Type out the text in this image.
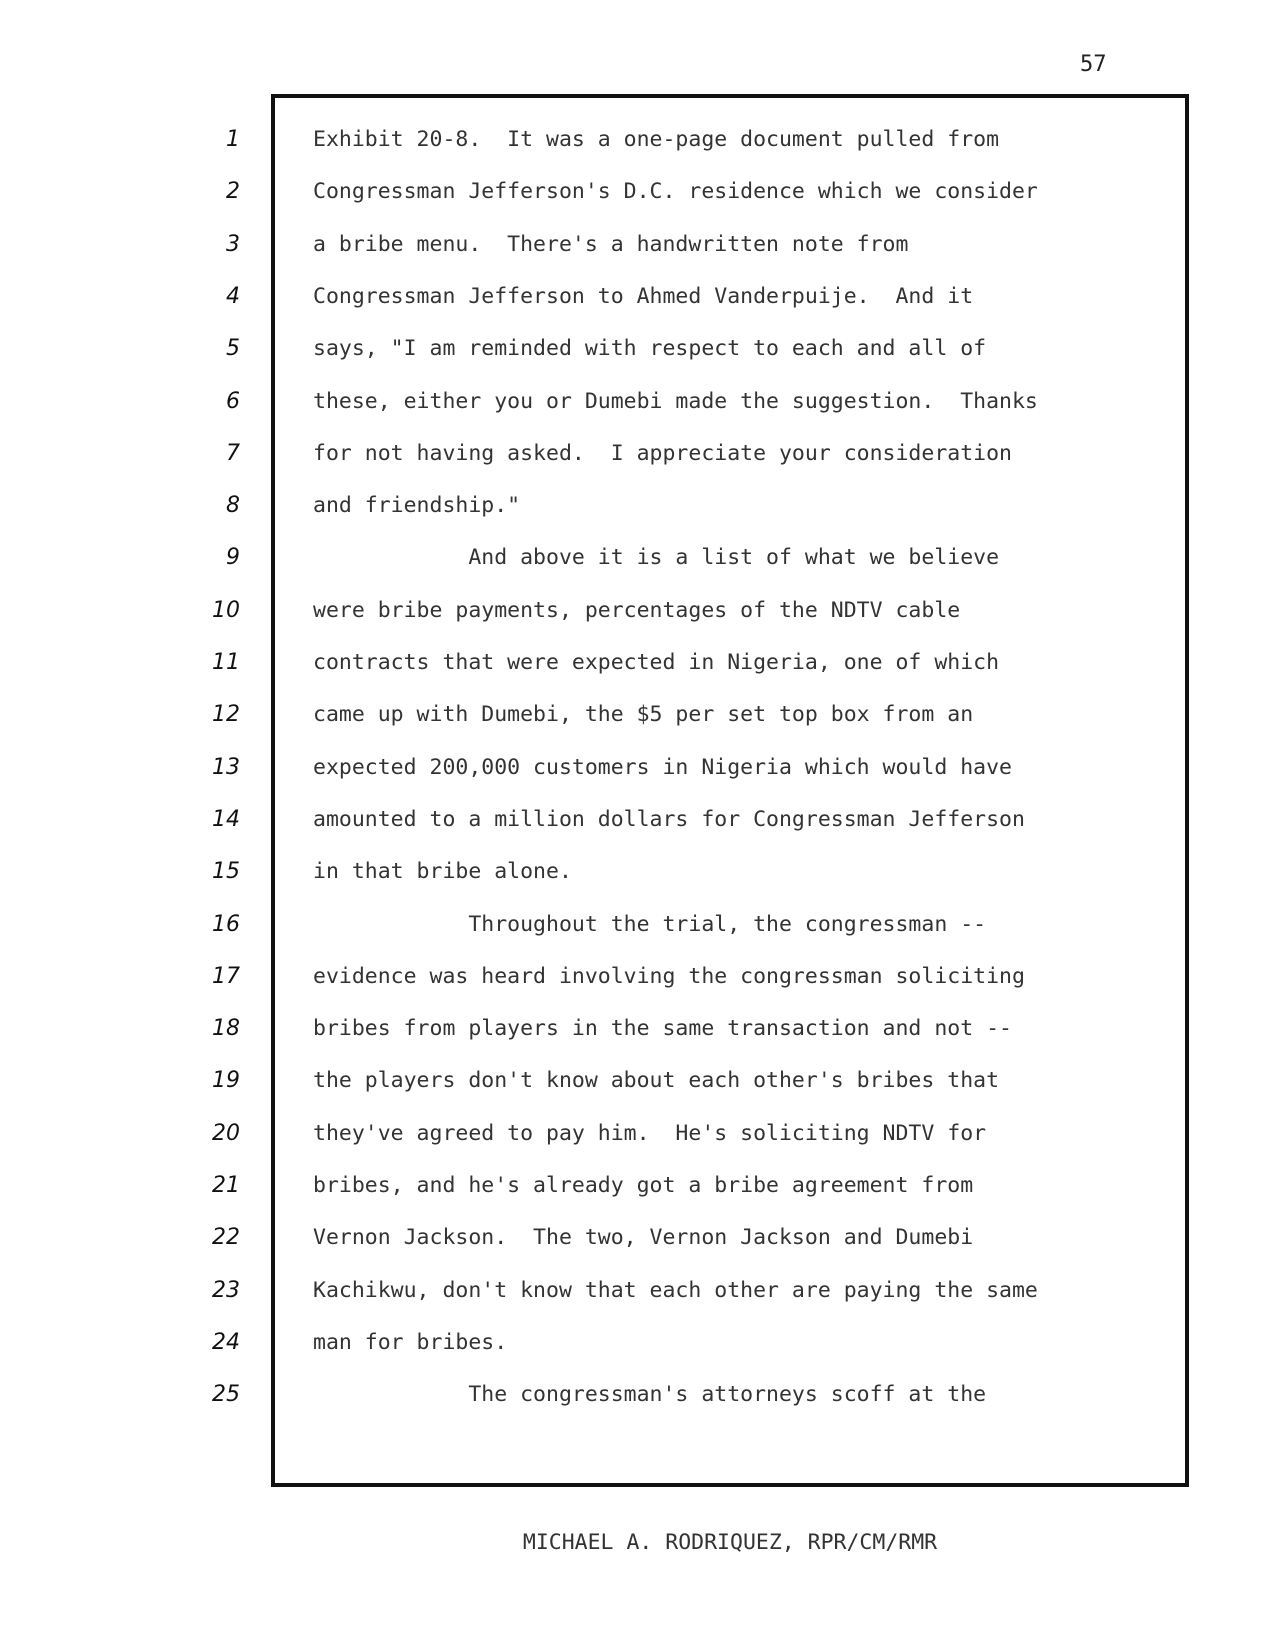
57
1
2
3
4
5
6
7
8
9
10
11
12
13
14
15
16
17
18
19
20
21
22
23
24
25
Exhibit 20-8.  It was a one-page document pulled from
Congressman Jefferson's D.C. residence which we consider
a bribe menu.  There's a handwritten note from
Congressman Jefferson to Ahmed Vanderpuije.  And it
says, "I am reminded with respect to each and all of
these, either you or Dumebi made the suggestion.  Thanks
for not having asked.  I appreciate your consideration
and friendship."
And above it is a list of what we believe
were bribe payments, percentages of the NDTV cable
contracts that were expected in Nigeria, one of which
came up with Dumebi, the $5 per set top box from an
expected 200,000 customers in Nigeria which would have
amounted to a million dollars for Congressman Jefferson
in that bribe alone.
Throughout the trial, the congressman --
evidence was heard involving the congressman soliciting
bribes from players in the same transaction and not --
the players don't know about each other's bribes that
they've agreed to pay him.  He's soliciting NDTV for
bribes, and he's already got a bribe agreement from
Vernon Jackson.  The two, Vernon Jackson and Dumebi
Kachikwu, don't know that each other are paying the same
man for bribes.
The congressman's attorneys scoff at the
MICHAEL A. RODRIQUEZ, RPR/CM/RMR
